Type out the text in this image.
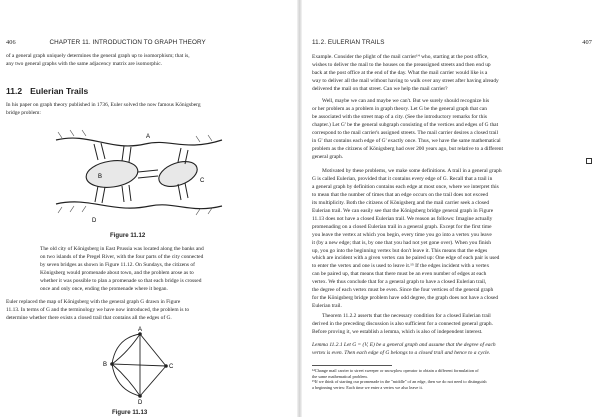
406	CHAPTER 11. INTRODUCTION TO GRAPH THEORY
of a general graph uniquely determines the general graph up to isomorphism; that is,
any two general graphs with the same adjacency matrix are isomorphic.
11.2 Eulerian Trails
In his paper on graph theory published in 1736, Euler solved the now famous Königsberg
bridge problem:
A
B
C
D
Figure 11.12
The old city of Königsberg in East Prussia was located along the banks and
on two islands of the Pregel River, with the four parts of the city connected
by seven bridges as shown in Figure 11.12. On Sundays, the citizens of
Königsberg would promenade about town, and the problem arose as to
whether it was possible to plan a promenade so that each bridge is crossed
once and only once, ending the promenade where it began.
Euler replaced the map of Königsberg with the general graph G drawn in Figure
11.13. In terms of G and the terminology we have now introduced, the problem is to
determine whether there exists a closed trail that contains all the edges of G.
A
B	C
D
Figure 11.13
11.2. EULERIAN TRAILS	407
Example. Consider the plight of the mail carrier¹⁴ who, starting at the post office,
wishes to deliver the mail to the houses on the preassigned streets and then end up
back at the post office at the end of the day. What the mail carrier would like is a
way to deliver all the mail without having to walk over any street after having already
delivered the mail on that street. Can we help the mail carrier?
Well, maybe we can and maybe we can't. But we surely should recognize his
or her problem as a problem in graph theory. Let G be the general graph that can
be associated with the street map of a city. (See the introductory remarks for this
chapter.) Let G' be the general subgraph consisting of the vertices and edges of G that
correspond to the mail carrier's assigned streets. The mail carrier desires a closed trail
in G' that contains each edge of G' exactly once. Thus, we have the same mathematical
problem as the citizens of Königsberg had over 200 years ago, but relative to a different
general graph.
Motivated by these problems, we make some definitions. A trail in a general graph
G is called Eulerian, provided that it contains every edge of G. Recall that a trail in
a general graph by definition contains each edge at most once, where we interpret this
to mean that the number of times that an edge occurs on the trail does not exceed
its multiplicity. Both the citizens of Königsberg and the mail carrier seek a closed
Eulerian trail. We can easily see that the Königsberg bridge general graph in Figure
11.13 does not have a closed Eulerian trail. We reason as follows: Imagine actually
promenading on a closed Eulerian trail in a general graph. Except for the first time
you leave the vertex at which you begin, every time you go into a vertex you leave
it (by a new edge; that is, by one that you had not yet gone over). When you finish
up, you go into the beginning vertex but don't leave it. This means that the edges
which are incident with a given vertex can be paired up: One edge of each pair is used
to enter the vertex and one is used to leave it.¹⁵ If the edges incident with a vertex
can be paired up, that means that there must be an even number of edges at each
vertex. We thus conclude that for a general graph to have a closed Eulerian trail,
the degree of each vertex must be even. Since the four vertices of the general graph
for the Königsberg bridge problem have odd degree, the graph does not have a closed
Eulerian trail.
Theorem 11.2.2 asserts that the necessary condition for a closed Eulerian trail
derived in the preceding discussion is also sufficient for a connected general graph.
Before proving it, we establish a lemma, which is also of independent interest.
Lemma 11.2.1 Let G = (V, E) be a general graph and assume that the degree of each
vertex is even. Then each edge of G belongs to a closed trail and hence to a cycle.
¹⁴Change mail carrier to street sweeper or snowplow operator to obtain a different formulation of
the same mathematical problem.
¹⁵If we think of starting our promenade in the "middle" of an edge, then we do not need to distinguish
a beginning vertex: Each time we enter a vertex we also leave it.
